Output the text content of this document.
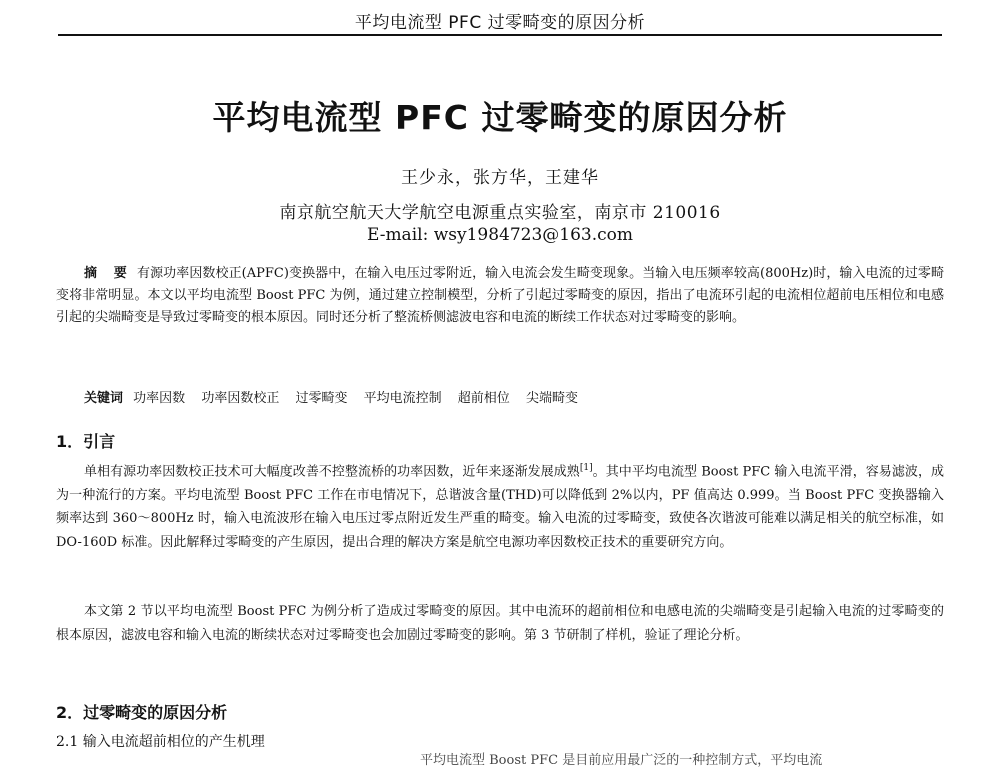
平均电流型 PFC 过零畸变的原因分析
平均电流型 PFC 过零畸变的原因分析
王少永，张方华，王建华
南京航空航天大学航空电源重点实验室，南京市 210016
E-mail: wsy1984723@163.com
摘 要 有源功率因数校正(APFC)变换器中，在输入电压过零附近，输入电流会发生畸变现象。当输入电压频率较高(800Hz)时，输入电流的过零畸变将非常明显。本文以平均电流型 Boost PFC 为例，通过建立控制模型，分析了引起过零畸变的原因，指出了电流环引起的电流相位超前电压相位和电感引起的尖端畸变是导致过零畸变的根本原因。同时还分析了整流桥侧滤波电容和电流的断续工作状态对过零畸变的影响。
关键词 功率因数 功率因数校正 过零畸变 平均电流控制 超前相位 尖端畸变
1．引言
单相有源功率因数校正技术可大幅度改善不控整流桥的功率因数，近年来逐渐发展成熟[1]。其中平均电流型 Boost PFC 输入电流平滑，容易滤波，成为一种流行的方案。平均电流型 Boost PFC 工作在市电情况下，总谐波含量(THD)可以降低到 2%以内，PF 值高达 0.999。当 Boost PFC 变换器输入频率达到 360～800Hz 时，输入电流波形在输入电压过零点附近发生严重的畸变。输入电流的过零畸变，致使各次谐波可能难以满足相关的航空标准，如 DO-160D 标准。因此解释过零畸变的产生原因，提出合理的解决方案是航空电源功率因数校正技术的重要研究方向。
本文第 2 节以平均电流型 Boost PFC 为例分析了造成过零畸变的原因。其中电流环的超前相位和电感电流的尖端畸变是引起输入电流的过零畸变的根本原因，滤波电容和输入电流的断续状态对过零畸变也会加剧过零畸变的影响。第 3 节研制了样机，验证了理论分析。
2．过零畸变的原因分析
2.1 输入电流超前相位的产生机理
平均电流型 Boost PFC 是目前应用最广泛的一种控制方式，平均电流
